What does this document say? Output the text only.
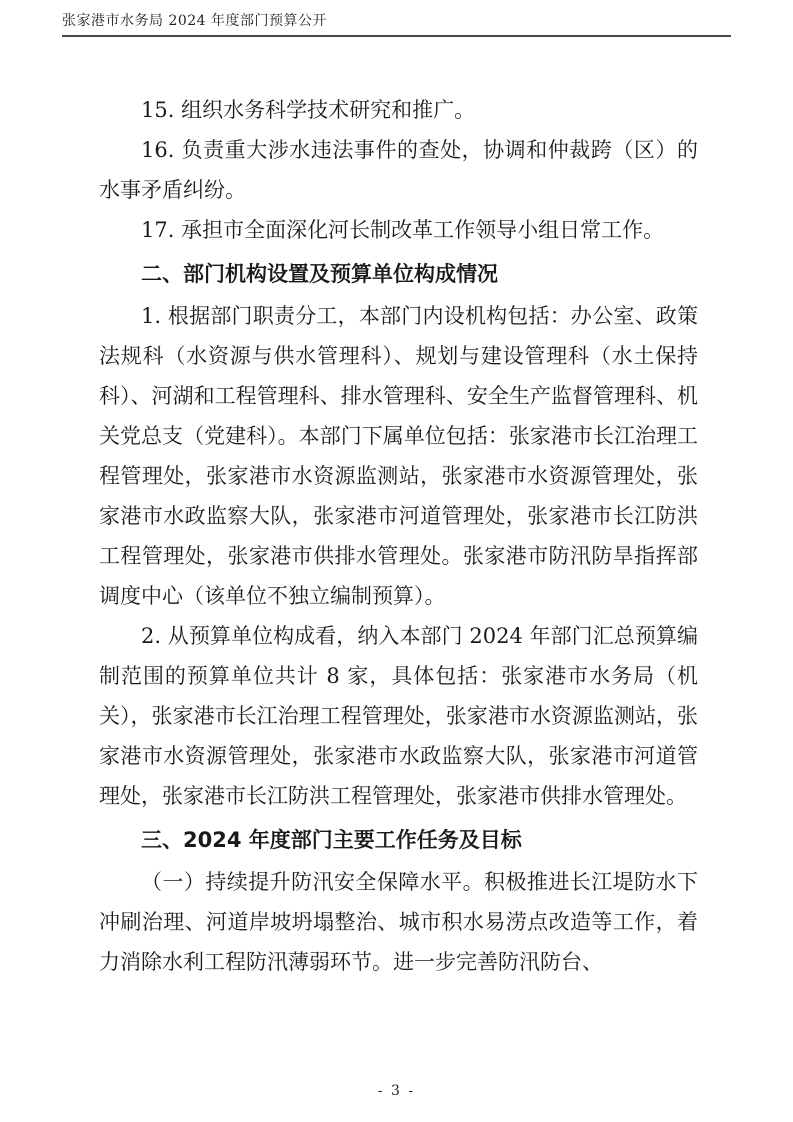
张家港市水务局 2024 年度部门预算公开

15. 组织水务科学技术研究和推广。

16. 负责重大涉水违法事件的查处，协调和仲裁跨（区）的水事矛盾纠纷。

17. 承担市全面深化河长制改革工作领导小组日常工作。

二、部门机构设置及预算单位构成情况

1. 根据部门职责分工，本部门内设机构包括：办公室、政策法规科（水资源与供水管理科）、规划与建设管理科（水土保持科）、河湖和工程管理科、排水管理科、安全生产监督管理科、机关党总支（党建科）。本部门下属单位包括：张家港市长江治理工程管理处，张家港市水资源监测站，张家港市水资源管理处，张家港市水政监察大队，张家港市河道管理处，张家港市长江防洪工程管理处，张家港市供排水管理处。张家港市防汛防旱指挥部调度中心（该单位不独立编制预算）。

2. 从预算单位构成看，纳入本部门 2024 年部门汇总预算编制范围的预算单位共计 8 家，具体包括：张家港市水务局（机关），张家港市长江治理工程管理处，张家港市水资源监测站，张家港市水资源管理处，张家港市水政监察大队，张家港市河道管理处，张家港市长江防洪工程管理处，张家港市供排水管理处。

三、2024 年度部门主要工作任务及目标

（一）持续提升防汛安全保障水平。积极推进长江堤防水下冲刷治理、河道岸坡坍塌整治、城市积水易涝点改造等工作，着力消除水利工程防汛薄弱环节。进一步完善防汛防台、

- 3 -
